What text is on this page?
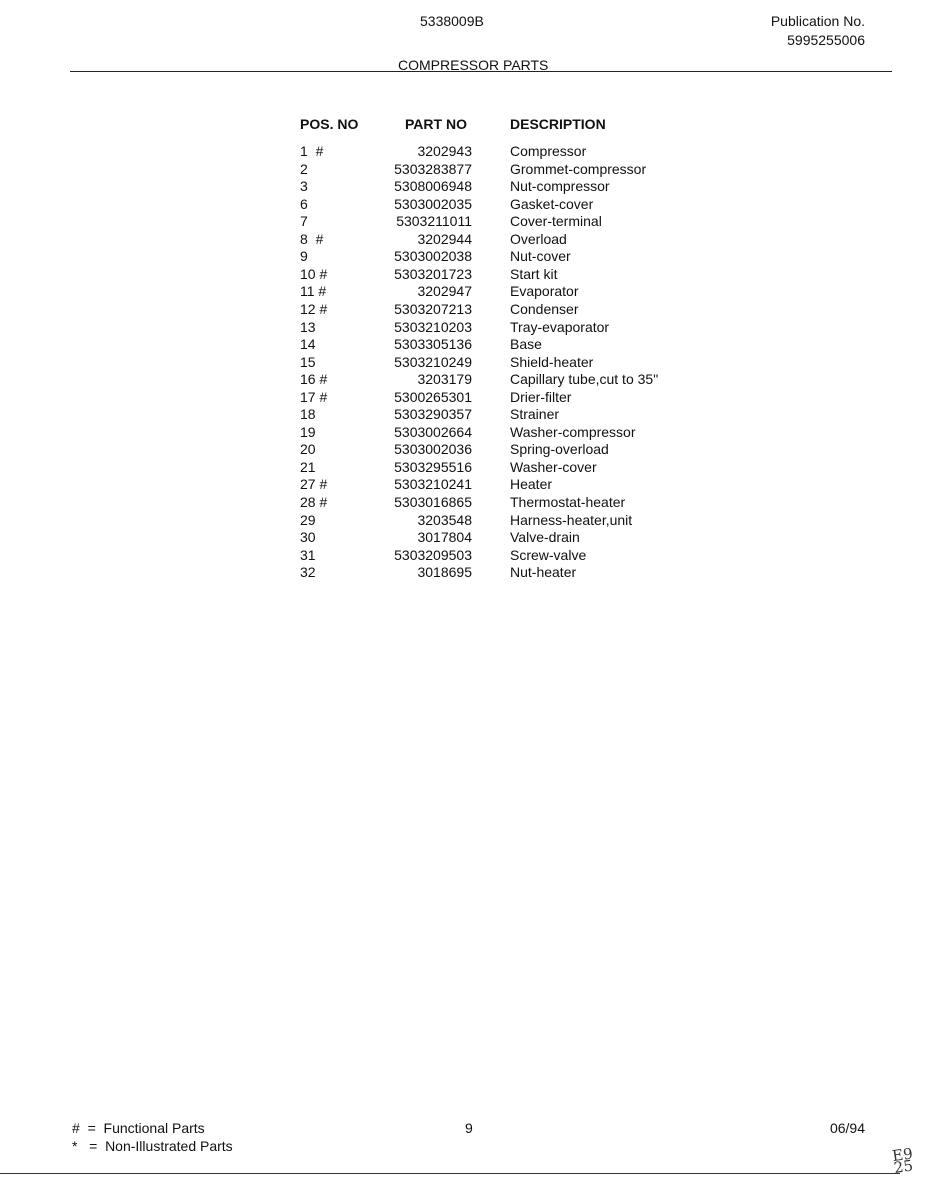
5338009B	Publication No.
5995255006
COMPRESSOR PARTS
POS. NO	PART NO	DESCRIPTION
1  #	3202943	Compressor
2	5303283877	Grommet-compressor
3	5308006948	Nut-compressor
6	5303002035	Gasket-cover
7	5303211011	Cover-terminal
8  #	3202944	Overload
9	5303002038	Nut-cover
10 #	5303201723	Start kit
11 #	3202947	Evaporator
12 #	5303207213	Condenser
13	5303210203	Tray-evaporator
14	5303305136	Base
15	5303210249	Shield-heater
16 #	3203179	Capillary tube,cut to 35"
17 #	5300265301	Drier-filter
18	5303290357	Strainer
19	5303002664	Washer-compressor
20	5303002036	Spring-overload
21	5303295516	Washer-cover
27 #	5303210241	Heater
28 #	5303016865	Thermostat-heater
29	3203548	Harness-heater,unit
30	3017804	Valve-drain
31	5303209503	Screw-valve
32	3018695	Nut-heater
#  =  Functional Parts
*   =  Non-Illustrated Parts
9	06/94
E9 25
